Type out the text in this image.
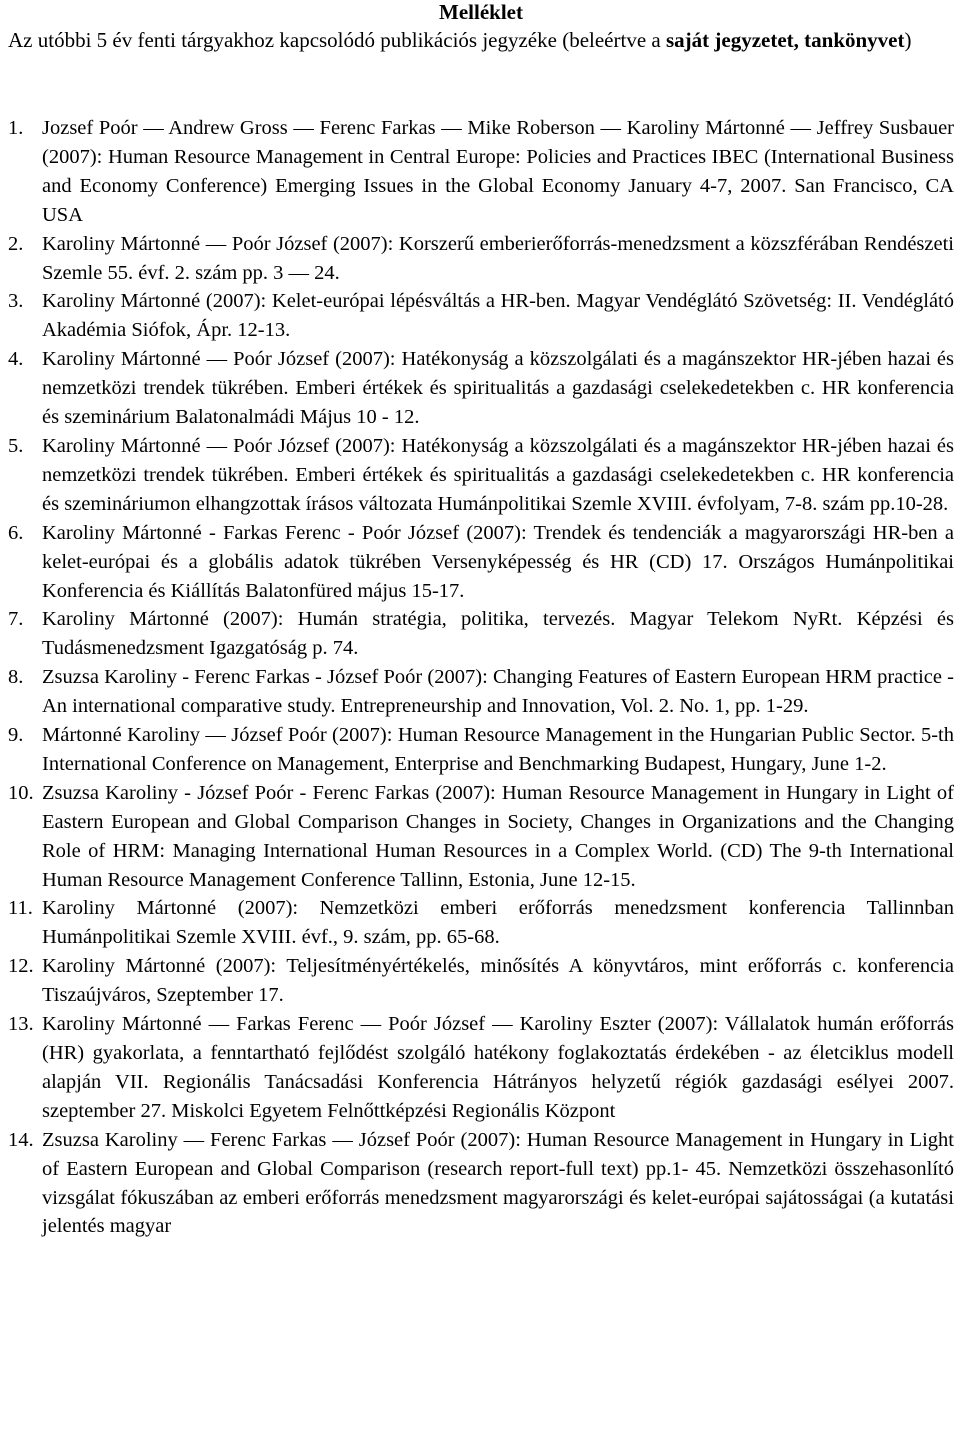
Melléklet

Az utóbbi 5 év fenti tárgyakhoz kapcsolódó publikációs jegyzéke (beleértve a saját jegyzetet, tankönyvet)

1. Jozsef Poór — Andrew Gross — Ferenc Farkas — Mike Roberson — Karoliny Mártonné — Jeffrey Susbauer (2007): Human Resource Management in Central Europe: Policies and Practices IBEC (International Business and Economy Conference) Emerging Issues in the Global Economy January 4-7, 2007. San Francisco, CA USA
2. Karoliny Mártonné — Poór József (2007): Korszerű emberierőforrás-menedzsment a közszférában Rendészeti Szemle 55. évf. 2. szám pp. 3 — 24.
3. Karoliny Mártonné (2007): Kelet-európai lépésváltás a HR-ben. Magyar Vendéglátó Szövetség: II. Vendéglátó Akadémia Siófok, Ápr. 12-13.
4. Karoliny Mártonné — Poór József (2007): Hatékonyság a közszolgálati és a magánszektor HR-jében hazai és nemzetközi trendek tükrében. Emberi értékek és spiritualitás a gazdasági cselekedetekben c. HR konferencia és szeminárium Balatonalmádi Május 10 - 12.
5. Karoliny Mártonné — Poór József (2007): Hatékonyság a közszolgálati és a magánszektor HR-jében hazai és nemzetközi trendek tükrében. Emberi értékek és spiritualitás a gazdasági cselekedetekben c. HR konferencia és szemináriumon elhangzottak írásos változata Humánpolitikai Szemle XVIII. évfolyam, 7-8. szám pp.10-28.
6. Karoliny Mártonné - Farkas Ferenc - Poór József (2007): Trendek és tendenciák a magyarországi HR-ben a kelet-európai és a globális adatok tükrében Versenyképesség és HR (CD) 17. Országos Humánpolitikai Konferencia és Kiállítás Balatonfüred május 15-17.
7. Karoliny Mártonné (2007): Humán stratégia, politika, tervezés. Magyar Telekom NyRt. Képzési és Tudásmenedzsment Igazgatóság p. 74.
8. Zsuzsa Karoliny - Ferenc Farkas - József Poór (2007): Changing Features of Eastern European HRM practice - An international comparative study. Entrepreneurship and Innovation, Vol. 2. No. 1, pp. 1-29.
9. Mártonné Karoliny — József Poór (2007): Human Resource Management in the Hungarian Public Sector. 5-th International Conference on Management, Enterprise and Benchmarking Budapest, Hungary, June 1-2.
10. Zsuzsa Karoliny - József Poór - Ferenc Farkas (2007): Human Resource Management in Hungary in Light of Eastern European and Global Comparison Changes in Society, Changes in Organizations and the Changing Role of HRM: Managing International Human Resources in a Complex World. (CD) The 9-th International Human Resource Management Conference Tallinn, Estonia, June 12-15.
11. Karoliny Mártonné (2007): Nemzetközi emberi erőforrás menedzsment konferencia Tallinnban Humánpolitikai Szemle XVIII. évf., 9. szám, pp. 65-68.
12. Karoliny Mártonné (2007): Teljesítményértékelés, minősítés A könyvtáros, mint erőforrás c. konferencia Tiszaújváros, Szeptember 17.
13. Karoliny Mártonné — Farkas Ferenc — Poór József — Karoliny Eszter (2007): Vállalatok humán erőforrás (HR) gyakorlata, a fenntartható fejlődést szolgáló hatékony foglakoztatás érdekében - az életciklus modell alapján VII. Regionális Tanácsadási Konferencia Hátrányos helyzetű régiók gazdasági esélyei 2007. szeptember 27. Miskolci Egyetem Felnőttképzési Regionális Központ
14. Zsuzsa Karoliny — Ferenc Farkas — József Poór (2007): Human Resource Management in Hungary in Light of Eastern European and Global Comparison (research report-full text) pp.1- 45. Nemzetközi összehasonlító vizsgálat fókuszában az emberi erőforrás menedzsment magyarországi és kelet-európai sajátosságai (a kutatási jelentés magyar
